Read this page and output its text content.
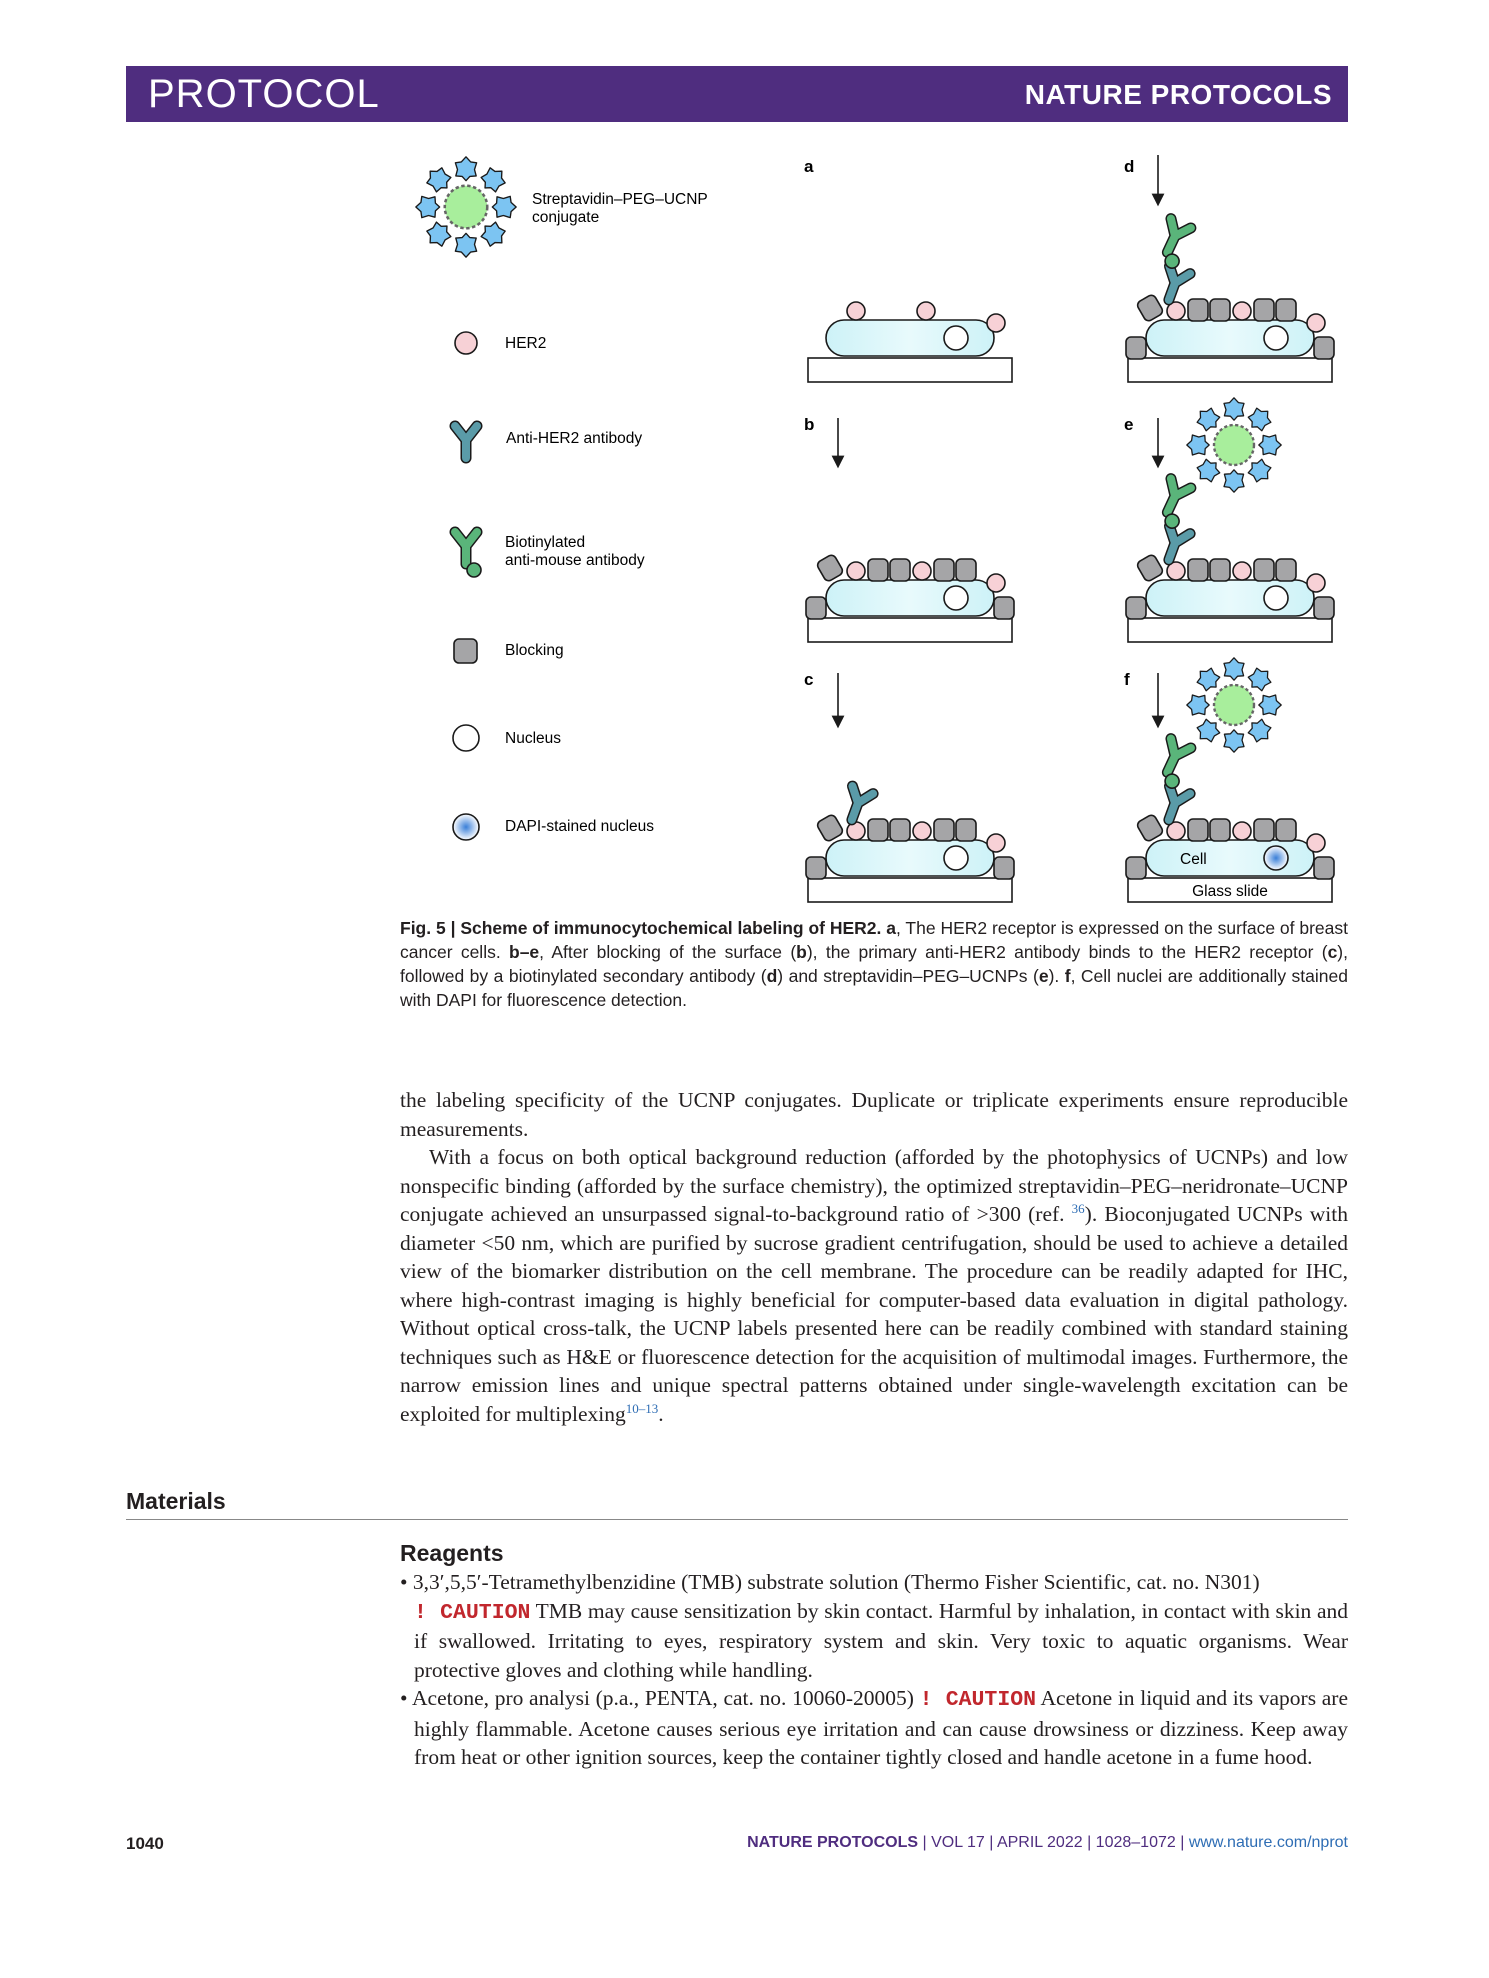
PROTOCOL	NATURE PROTOCOLS
Streptavidin–PEG–UCNP conjugate
HER2
Anti-HER2 antibody
Biotinylated anti-mouse antibody
Blocking
Nucleus
DAPI-stained nucleus
a
b
c
d
e
f
Cell
Glass slide
Fig. 5 | Scheme of immunocytochemical labeling of HER2. a, The HER2 receptor is expressed on the surface of breast cancer cells. b–e, After blocking of the surface (b), the primary anti-HER2 antibody binds to the HER2 receptor (c), followed by a biotinylated secondary antibody (d) and streptavidin–PEG–UCNPs (e). f, Cell nuclei are additionally stained with DAPI for fluorescence detection.

the labeling specificity of the UCNP conjugates. Duplicate or triplicate experiments ensure reproducible measurements.

With a focus on both optical background reduction (afforded by the photophysics of UCNPs) and low nonspecific binding (afforded by the surface chemistry), the optimized streptavidin–PEG–neridronate–UCNP conjugate achieved an unsurpassed signal-to-background ratio of >300 (ref. $^{36}$). Bioconjugated UCNPs with diameter <50 nm, which are purified by sucrose gradient centrifugation, should be used to achieve a detailed view of the biomarker distribution on the cell membrane. The procedure can be readily adapted for IHC, where high-contrast imaging is highly beneficial for computer-based data evaluation in digital pathology. Without optical cross-talk, the UCNP labels presented here can be readily combined with standard staining techniques such as H&E or fluorescence detection for the acquisition of multimodal images. Furthermore, the narrow emission lines and unique spectral patterns obtained under single-wavelength excitation can be exploited for multiplexing$^{10-13}$.

Materials
Reagents

• 3,3′,5,5′-Tetramethylbenzidine (TMB) substrate solution (Thermo Fisher Scientific, cat. no. N301)
! CAUTION TMB may cause sensitization by skin contact. Harmful by inhalation, in contact with skin and if swallowed. Irritating to eyes, respiratory system and skin. Very toxic to aquatic organisms. Wear protective gloves and clothing while handling.

• Acetone, pro analysi (p.a., PENTA, cat. no. 10060-20005) ! CAUTION Acetone in liquid and its vapors are highly flammable. Acetone causes serious eye irritation and can cause drowsiness or dizziness. Keep away from heat or other ignition sources, keep the container tightly closed and handle acetone in a fume hood.

1040	NATURE PROTOCOLS | VOL 17 | APRIL 2022 | 1028–1072 | www.nature.com/nprot
